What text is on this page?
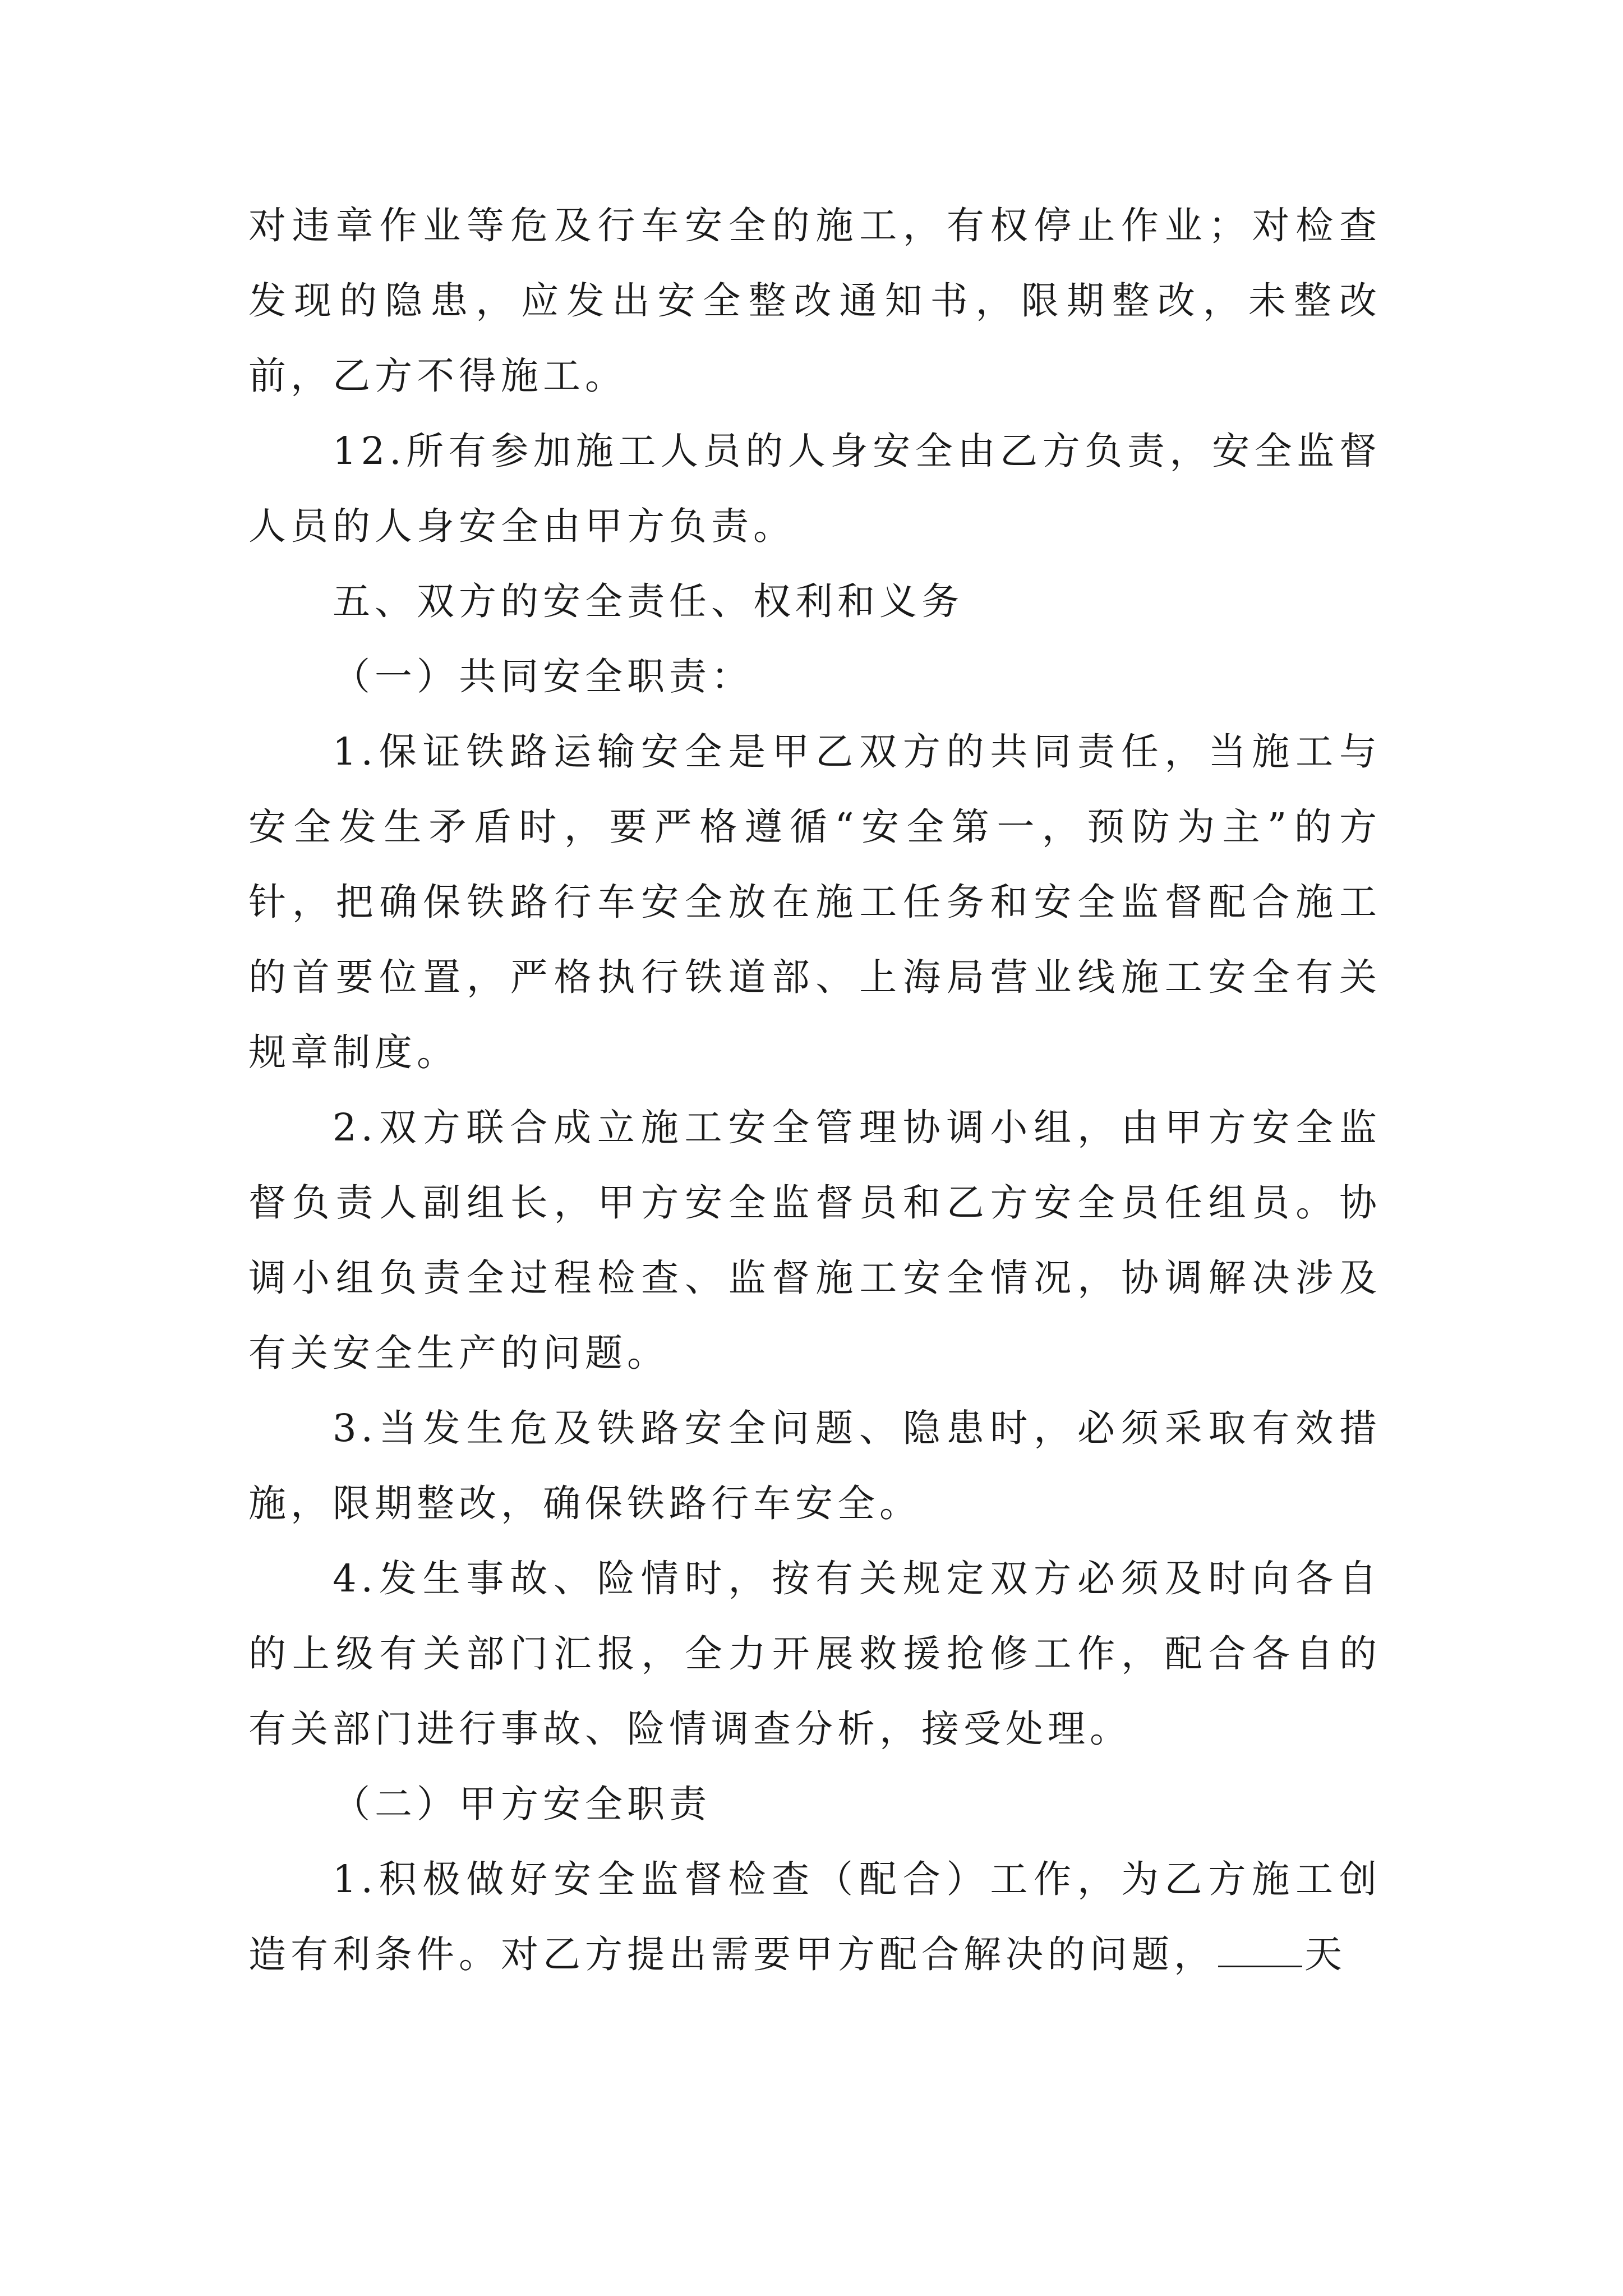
对违章作业等危及行车安全的施工，有权停止作业；对检查发现的隐患，应发出安全整改通知书，限期整改，未整改前，乙方不得施工。

12.所有参加施工人员的人身安全由乙方负责，安全监督人员的人身安全由甲方负责。

五、双方的安全责任、权利和义务

（一）共同安全职责：

1.保证铁路运输安全是甲乙双方的共同责任，当施工与安全发生矛盾时，要严格遵循“安全第一，预防为主”的方针，把确保铁路行车安全放在施工任务和安全监督配合施工的首要位置，严格执行铁道部、上海局营业线施工安全有关规章制度。

2.双方联合成立施工安全管理协调小组，由甲方安全监督负责人副组长，甲方安全监督员和乙方安全员任组员。协调小组负责全过程检查、监督施工安全情况，协调解决涉及有关安全生产的问题。

3.当发生危及铁路安全问题、隐患时，必须采取有效措施，限期整改，确保铁路行车安全。

4.发生事故、险情时，按有关规定双方必须及时向各自的上级有关部门汇报，全力开展救援抢修工作，配合各自的有关部门进行事故、险情调查分析，接受处理。

（二）甲方安全职责

1.积极做好安全监督检查（配合）工作，为乙方施工创造有利条件。对乙方提出需要甲方配合解决的问题， 天
